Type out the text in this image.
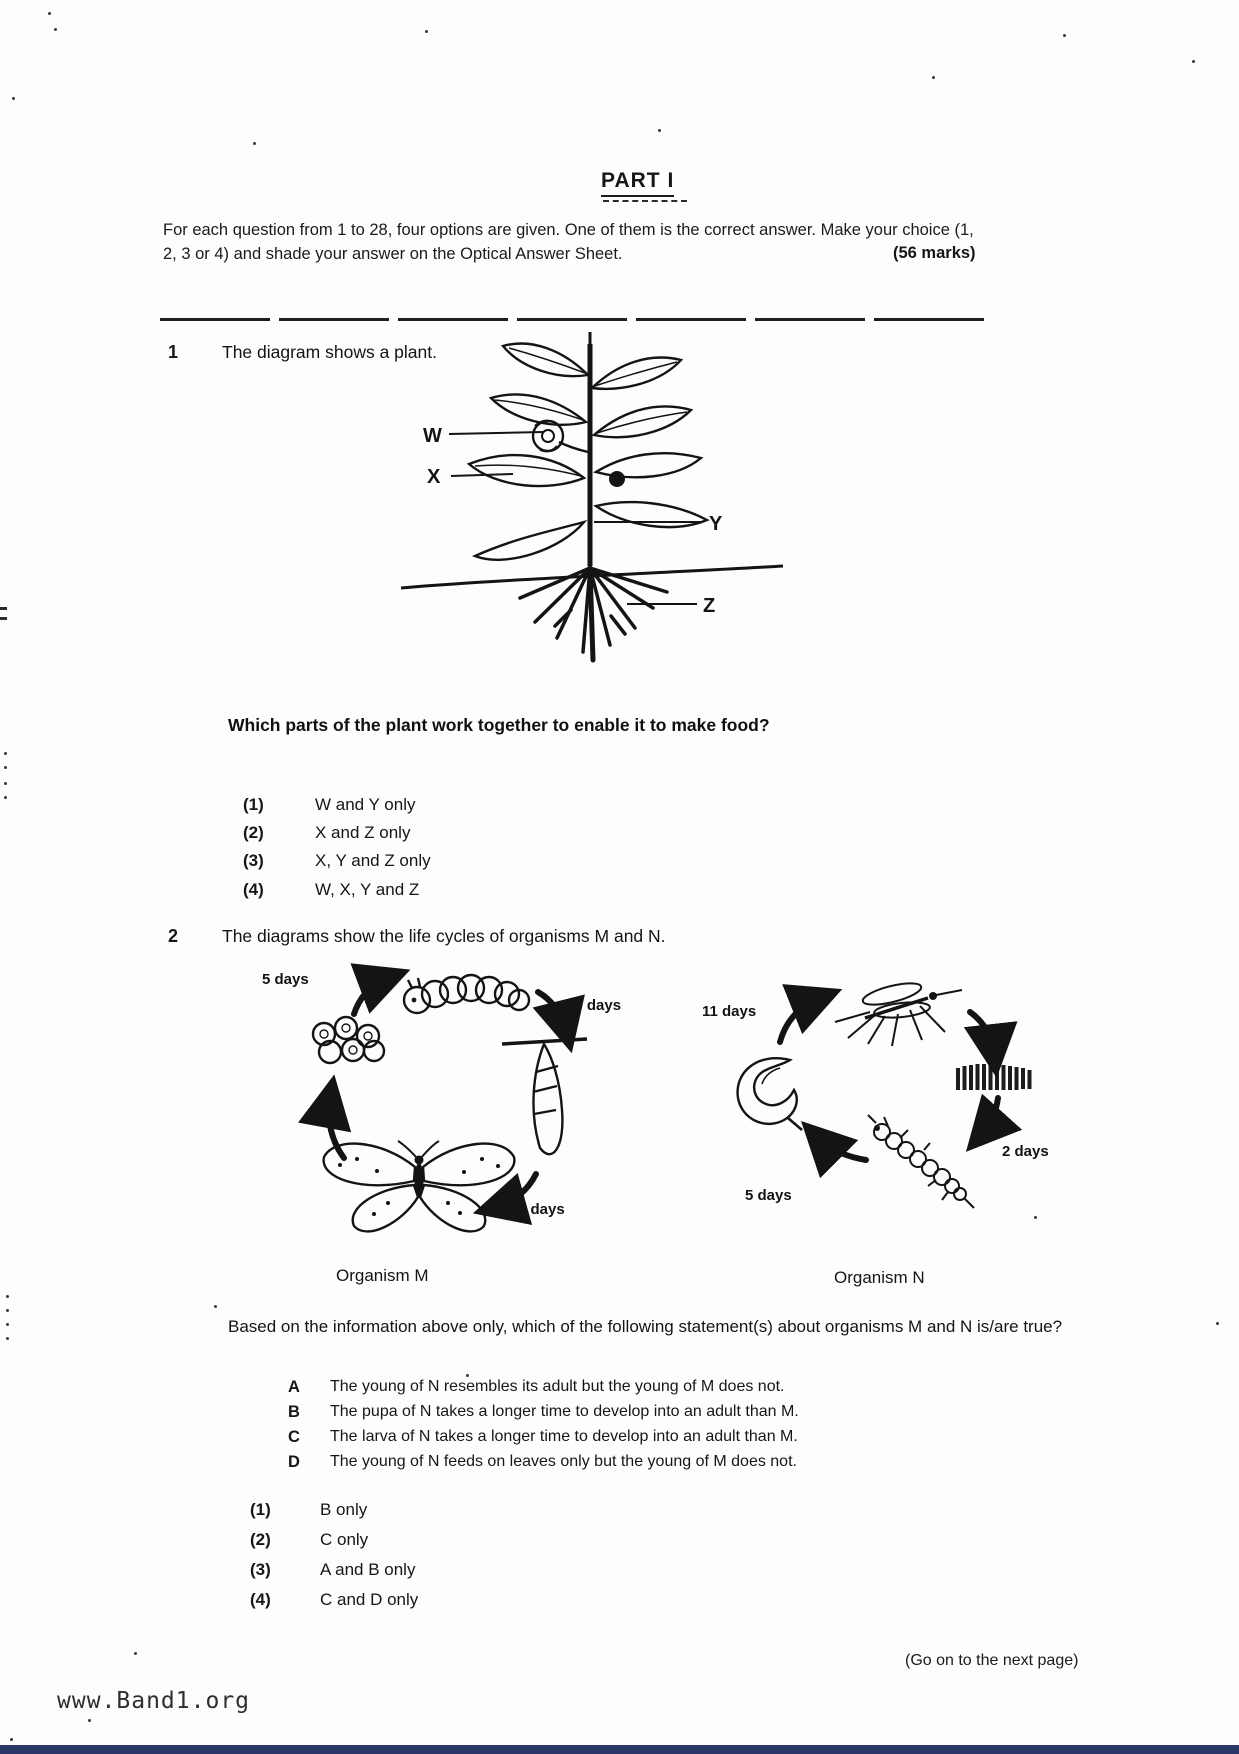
PART I
For each question from 1 to 28, four options are given. One of them is the correct answer. Make your choice (1, 2, 3 or 4) and shade your answer on the Optical Answer Sheet.	(56 marks)
1	The diagram shows a plant.
W
X
Y
Z
Which parts of the plant work together to enable it to make food?
(1)	W and Y only
(2)	X and Z only
(3)	X, Y and Z only
(4)	W, X, Y and Z
2	The diagrams show the life cycles of organisms M and N.
5 days
16 days
5 days
11 days
2 days
5 days
Organism M	Organism N
Based on the information above only, which of the following statement(s) about organisms M and N is/are true?
A The young of N resembles its adult but the young of M does not.
B The pupa of N takes a longer time to develop into an adult than M.
C The larva of N takes a longer time to develop into an adult than M.
D The young of N feeds on leaves only but the young of M does not.
(1)	B only
(2)	C only
(3)	A and B only
(4)	C and D only
(Go on to the next page)
www.Band1.org
